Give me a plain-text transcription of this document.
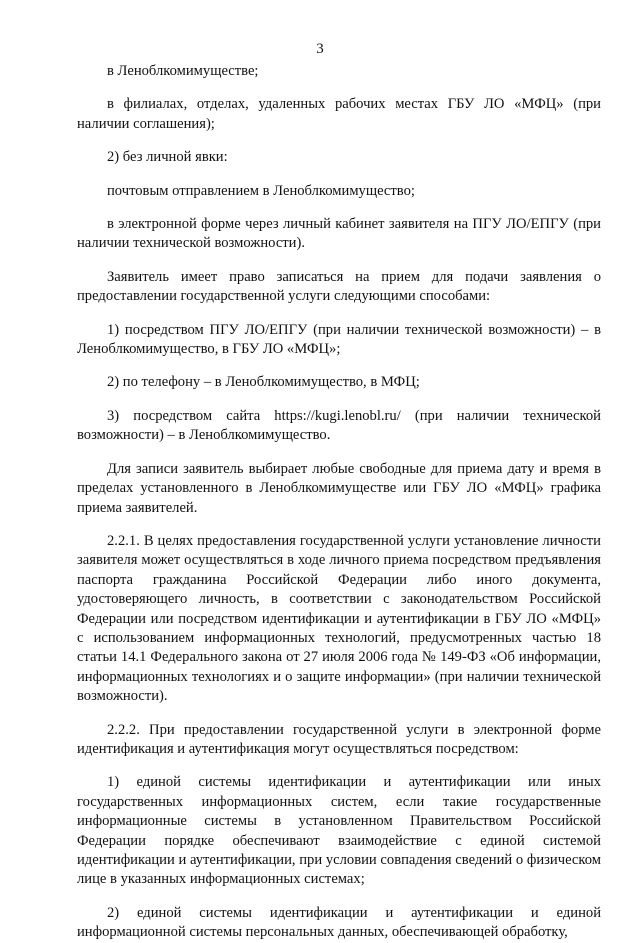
3

в Леноблкомимуществе;

в филиалах, отделах, удаленных рабочих местах ГБУ ЛО «МФЦ» (при наличии соглашения);

2) без личной явки:

почтовым отправлением в Леноблкомимущество;

в электронной форме через личный кабинет заявителя на ПГУ ЛО/ЕПГУ (при наличии технической возможности).

Заявитель имеет право записаться на прием для подачи заявления о предоставлении государственной услуги следующими способами:

1) посредством ПГУ ЛО/ЕПГУ (при наличии технической возможности) – в Леноблкомимущество, в ГБУ ЛО «МФЦ»;

2) по телефону – в Леноблкомимущество, в МФЦ;

3) посредством сайта https://kugi.lenobl.ru/ (при наличии технической возможности) – в Леноблкомимущество.

Для записи заявитель выбирает любые свободные для приема дату и время в пределах установленного в Леноблкомимуществе или ГБУ ЛО «МФЦ» графика приема заявителей.

2.2.1. В целях предоставления государственной услуги установление личности заявителя может осуществляться в ходе личного приема посредством предъявления паспорта гражданина Российской Федерации либо иного документа, удостоверяющего личность, в соответствии с законодательством Российской Федерации или посредством идентификации и аутентификации в ГБУ ЛО «МФЦ» с использованием информационных технологий, предусмотренных частью 18 статьи 14.1 Федерального закона от 27 июля 2006 года № 149-ФЗ «Об информации, информационных технологиях и о защите информации» (при наличии технической возможности).

2.2.2. При предоставлении государственной услуги в электронной форме идентификация и аутентификация могут осуществляться посредством:

1) единой системы идентификации и аутентификации или иных государственных информационных систем, если такие государственные информационные системы в установленном Правительством Российской Федерации порядке обеспечивают взаимодействие с единой системой идентификации и аутентификации, при условии совпадения сведений о физическом лице в указанных информационных системах;

2) единой системы идентификации и аутентификации и единой информационной системы персональных данных, обеспечивающей обработку,
